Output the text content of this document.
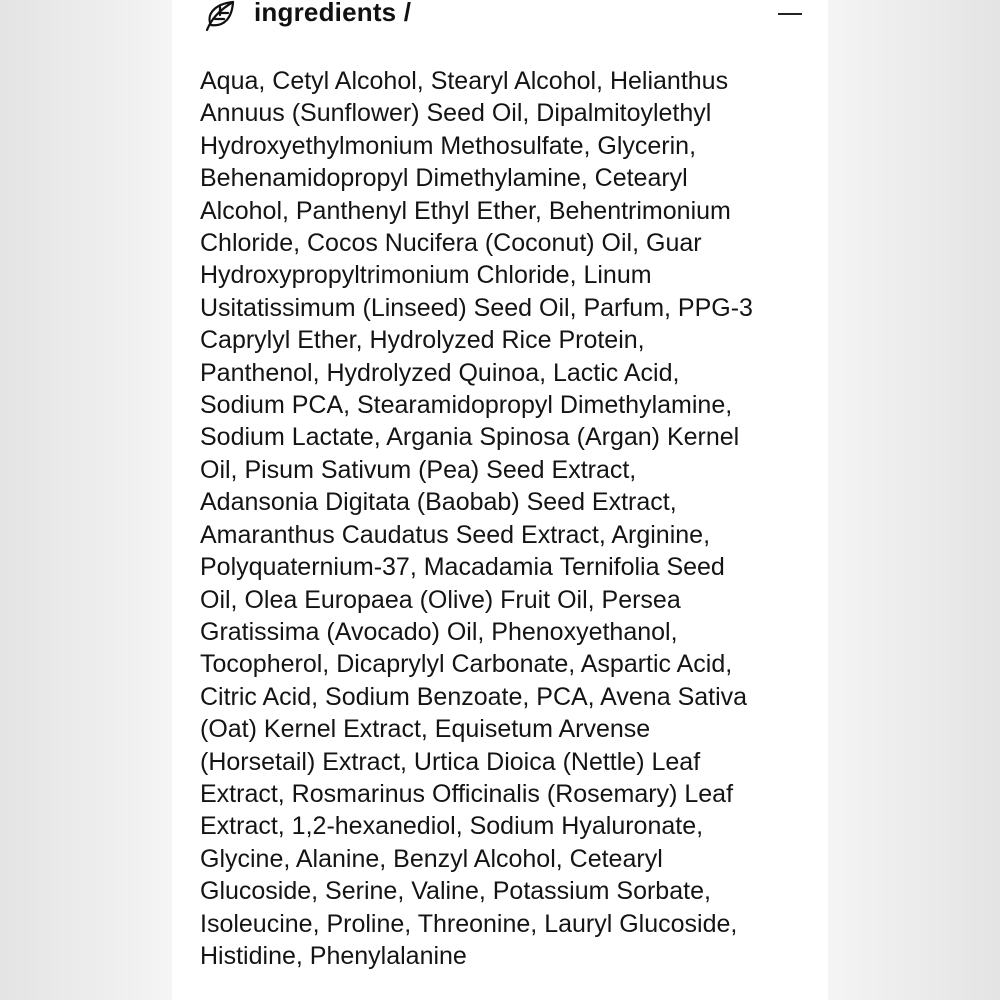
ingredients /

Aqua, Cetyl Alcohol, Stearyl Alcohol, Helianthus
Annuus (Sunflower) Seed Oil, Dipalmitoylethyl
Hydroxyethylmonium Methosulfate, Glycerin,
Behenamidopropyl Dimethylamine, Cetearyl
Alcohol, Panthenyl Ethyl Ether, Behentrimonium
Chloride, Cocos Nucifera (Coconut) Oil, Guar
Hydroxypropyltrimonium Chloride, Linum
Usitatissimum (Linseed) Seed Oil, Parfum, PPG-3
Caprylyl Ether, Hydrolyzed Rice Protein,
Panthenol, Hydrolyzed Quinoa, Lactic Acid,
Sodium PCA, Stearamidopropyl Dimethylamine,
Sodium Lactate, Argania Spinosa (Argan) Kernel
Oil, Pisum Sativum (Pea) Seed Extract,
Adansonia Digitata (Baobab) Seed Extract,
Amaranthus Caudatus Seed Extract, Arginine,
Polyquaternium-37, Macadamia Ternifolia Seed
Oil, Olea Europaea (Olive) Fruit Oil, Persea
Gratissima (Avocado) Oil, Phenoxyethanol,
Tocopherol, Dicaprylyl Carbonate, Aspartic Acid,
Citric Acid, Sodium Benzoate, PCA, Avena Sativa
(Oat) Kernel Extract, Equisetum Arvense
(Horsetail) Extract, Urtica Dioica (Nettle) Leaf
Extract, Rosmarinus Officinalis (Rosemary) Leaf
Extract, 1,2-hexanediol, Sodium Hyaluronate,
Glycine, Alanine, Benzyl Alcohol, Cetearyl
Glucoside, Serine, Valine, Potassium Sorbate,
Isoleucine, Proline, Threonine, Lauryl Glucoside,
Histidine, Phenylalanine
